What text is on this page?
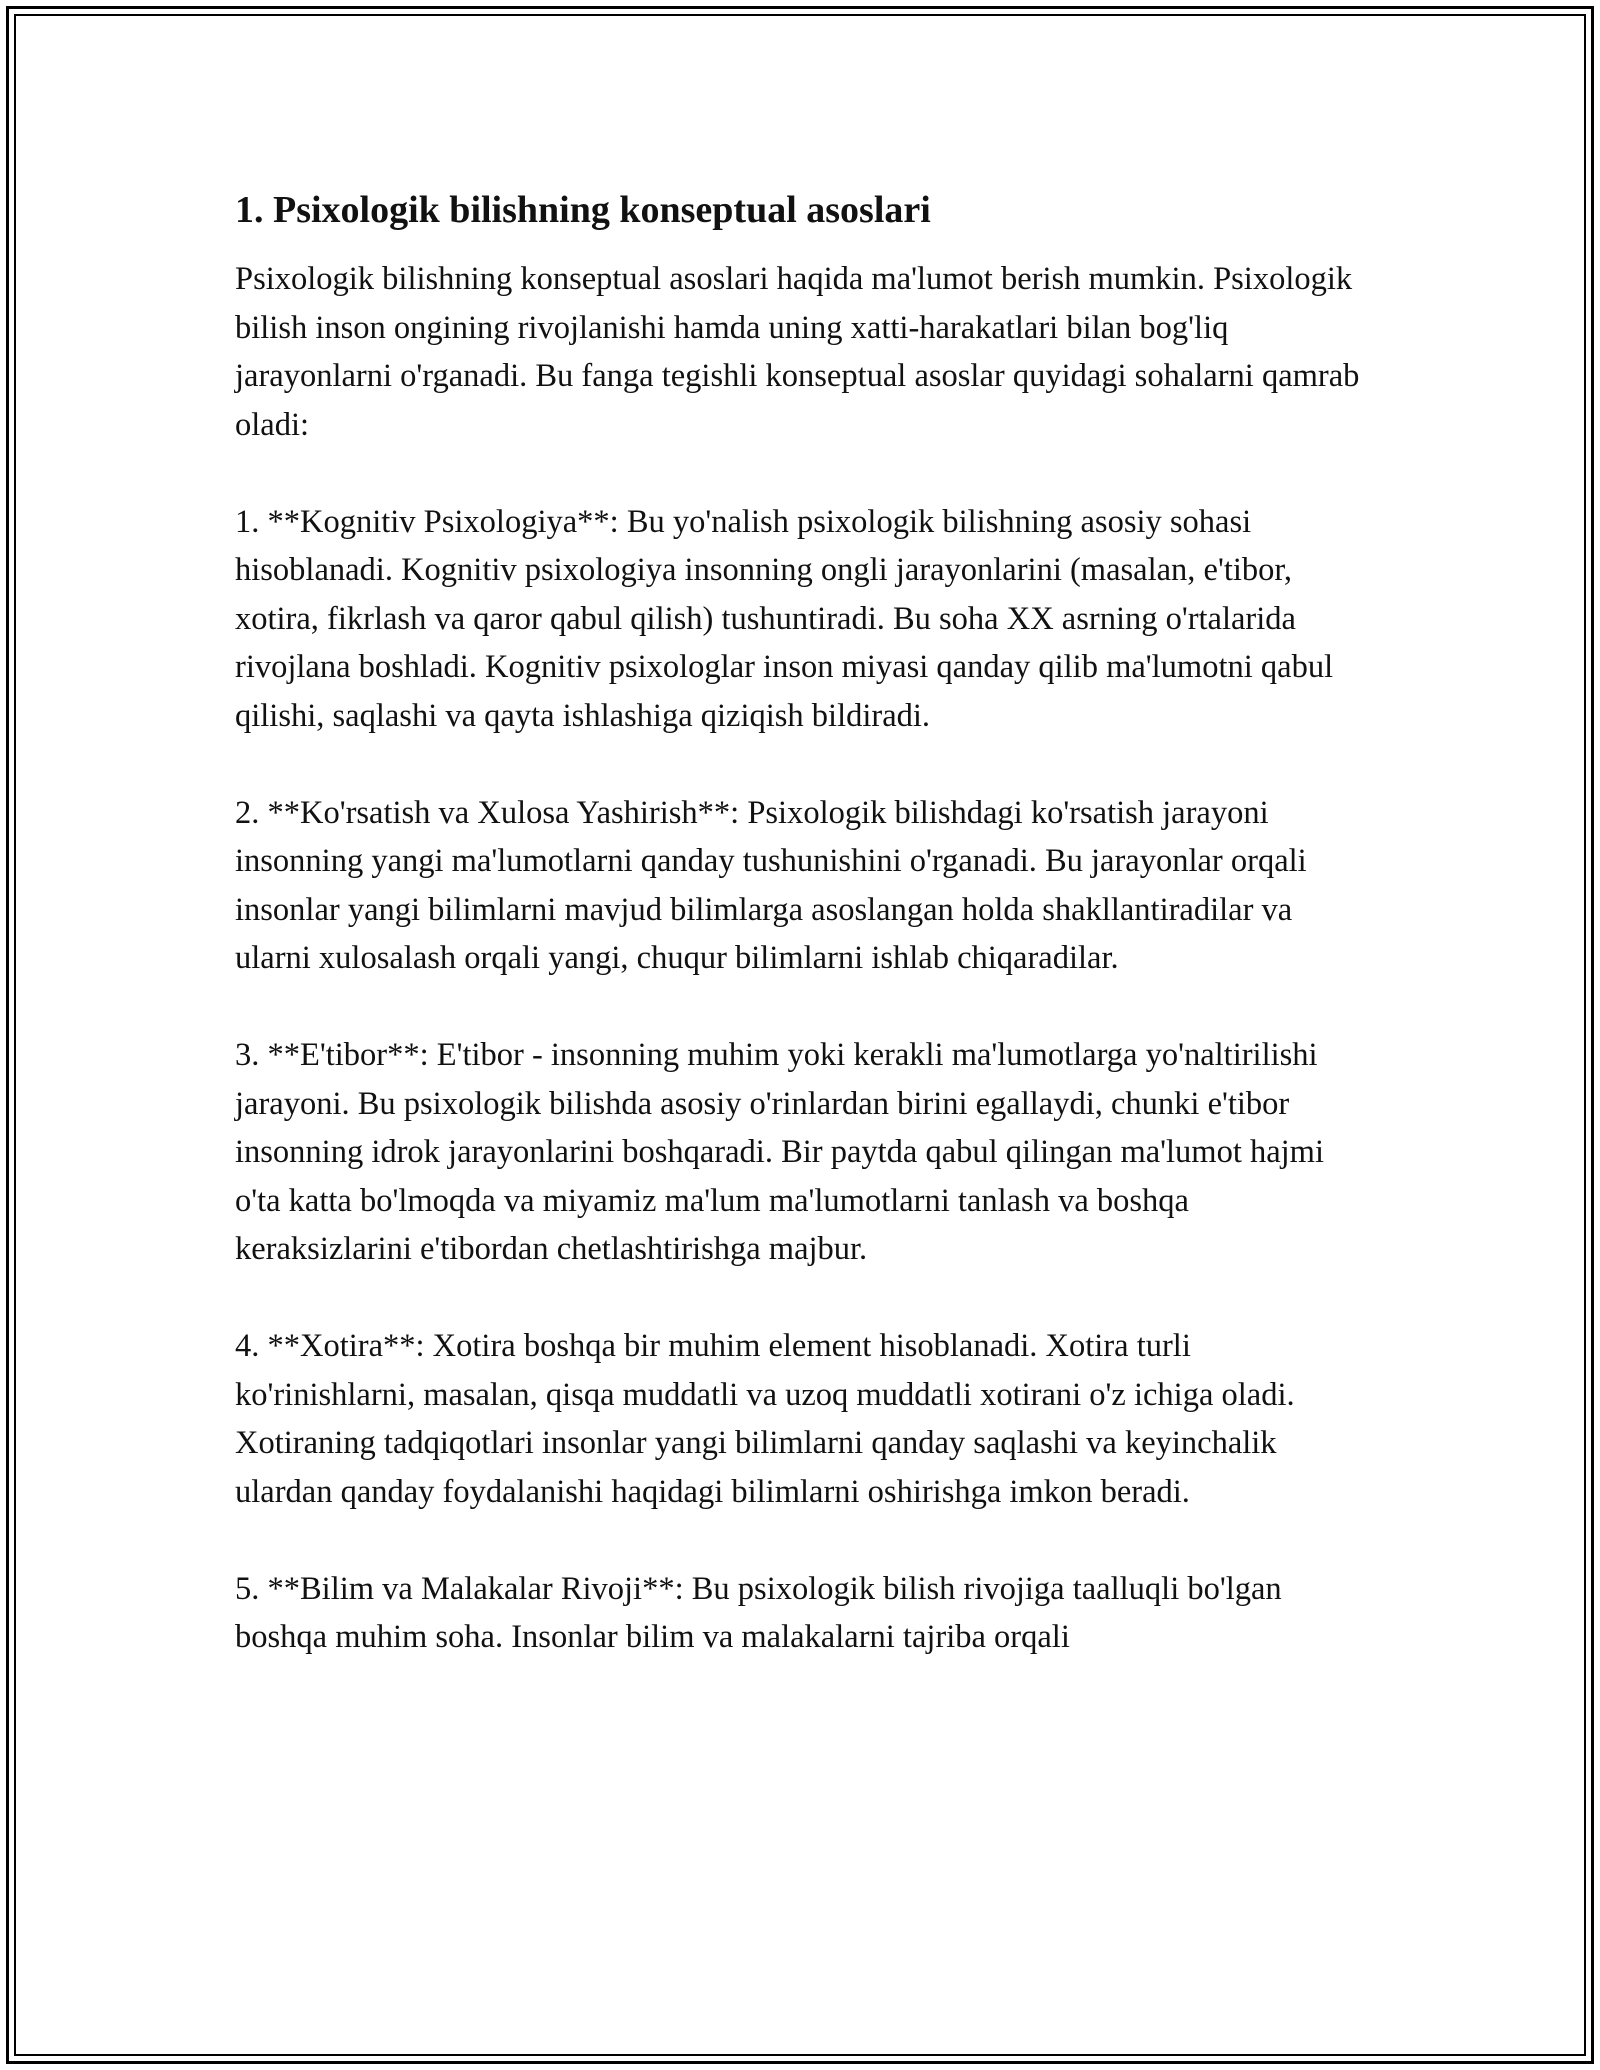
1. Psixologik bilishning konseptual asoslari

Psixologik bilishning konseptual asoslari haqida ma'lumot berish mumkin. Psixologik bilish inson ongining rivojlanishi hamda uning xatti-harakatlari bilan bog'liq jarayonlarni o'rganadi. Bu fanga tegishli konseptual asoslar quyidagi sohalarni qamrab oladi:

1. **Kognitiv Psixologiya**: Bu yo'nalish psixologik bilishning asosiy sohasi hisoblanadi. Kognitiv psixologiya insonning ongli jarayonlarini (masalan, e'tibor, xotira, fikrlash va qaror qabul qilish) tushuntiradi. Bu soha XX asrning o'rtalarida rivojlana boshladi. Kognitiv psixologlar inson miyasi qanday qilib ma'lumotni qabul qilishi, saqlashi va qayta ishlashiga qiziqish bildiradi.

2. **Ko'rsatish va Xulosa Yashirish**: Psixologik bilishdagi ko'rsatish jarayoni insonning yangi ma'lumotlarni qanday tushunishini o'rganadi. Bu jarayonlar orqali insonlar yangi bilimlarni mavjud bilimlarga asoslangan holda shakllantiradilar va ularni xulosalash orqali yangi, chuqur bilimlarni ishlab chiqaradilar.

3. **E'tibor**: E'tibor - insonning muhim yoki kerakli ma'lumotlarga yo'naltirilishi jarayoni. Bu psixologik bilishda asosiy o'rinlardan birini egallaydi, chunki e'tibor insonning idrok jarayonlarini boshqaradi. Bir paytda qabul qilingan ma'lumot hajmi o'ta katta bo'lmoqda va miyamiz ma'lum ma'lumotlarni tanlash va boshqa keraksizlarini e'tibordan chetlashtirishga majbur.

4. **Xotira**: Xotira boshqa bir muhim element hisoblanadi. Xotira turli ko'rinishlarni, masalan, qisqa muddatli va uzoq muddatli xotirani o'z ichiga oladi. Xotiraning tadqiqotlari insonlar yangi bilimlarni qanday saqlashi va keyinchalik ulardan qanday foydalanishi haqidagi bilimlarni oshirishga imkon beradi.

5. **Bilim va Malakalar Rivoji**: Bu psixologik bilish rivojiga taalluqli bo'lgan boshqa muhim soha. Insonlar bilim va malakalarni tajriba orqali
